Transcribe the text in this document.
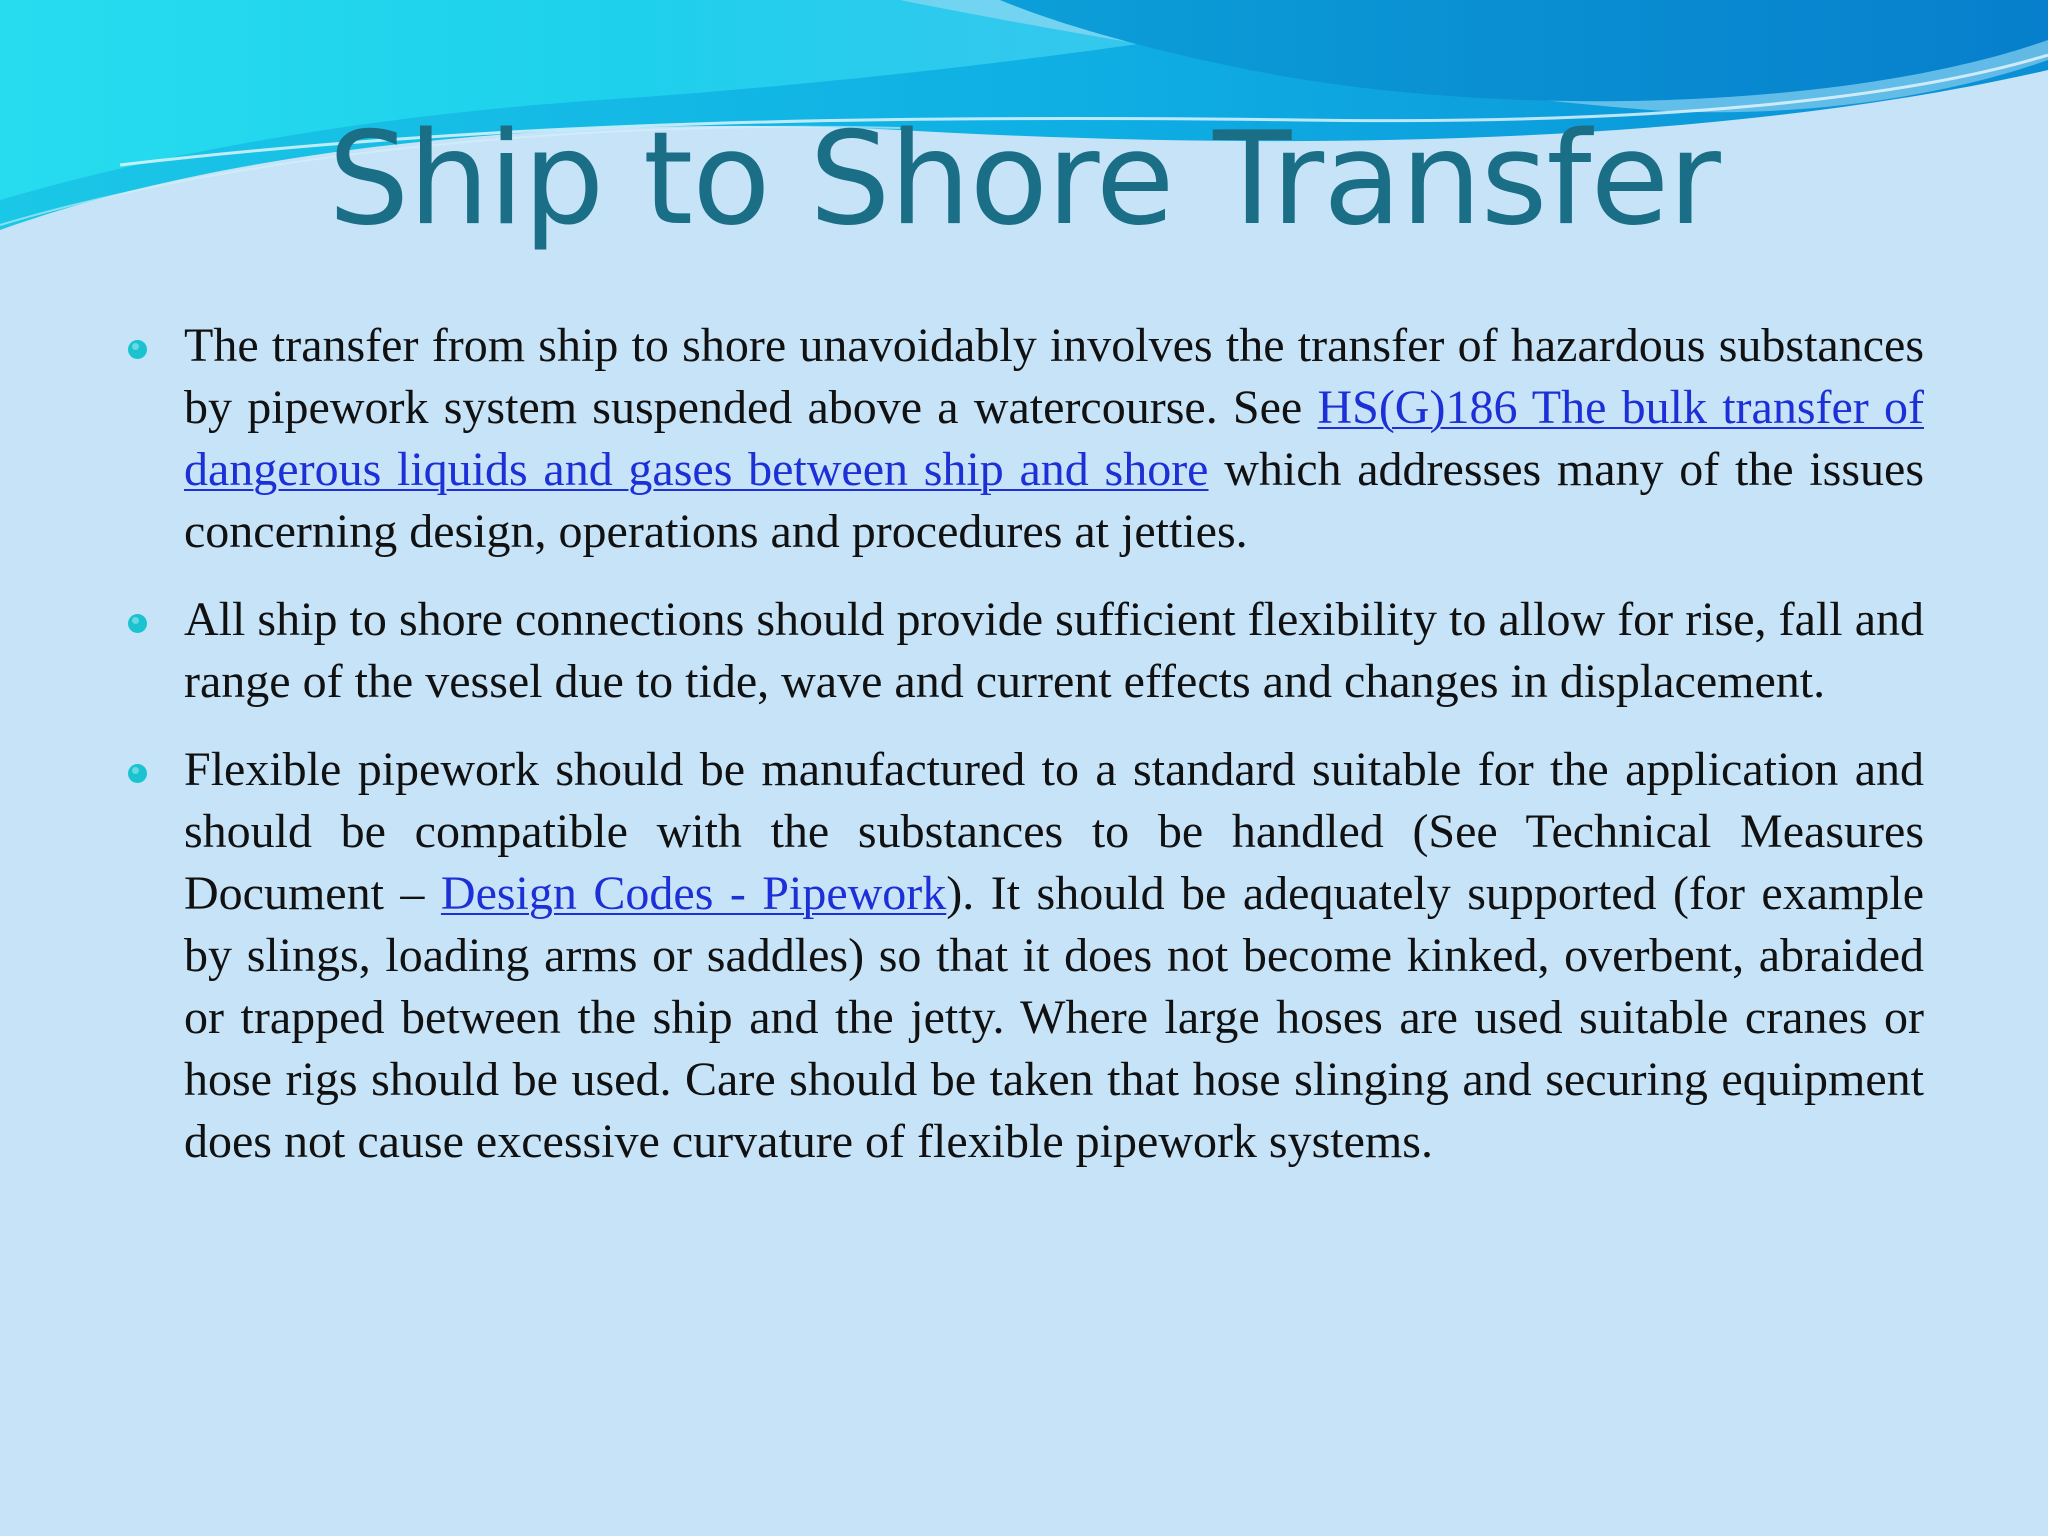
Ship to Shore Transfer
The transfer from ship to shore unavoidably involves the transfer of hazardous substances by pipework system suspended above a watercourse. See HS(G)186 The bulk transfer of dangerous liquids and gases between ship and shore which addresses many of the issues concerning design, operations and procedures at jetties.
All ship to shore connections should provide sufficient flexibility to allow for rise, fall and range of the vessel due to tide, wave and current effects and changes in displacement.
Flexible pipework should be manufactured to a standard suitable for the application and should be compatible with the substances to be handled (See Technical Measures Document – Design Codes - Pipework). It should be adequately supported (for example by slings, loading arms or saddles) so that it does not become kinked, overbent, abraided or trapped between the ship and the jetty. Where large hoses are used suitable cranes or hose rigs should be used. Care should be taken that hose slinging and securing equipment does not cause excessive curvature of flexible pipework systems.
